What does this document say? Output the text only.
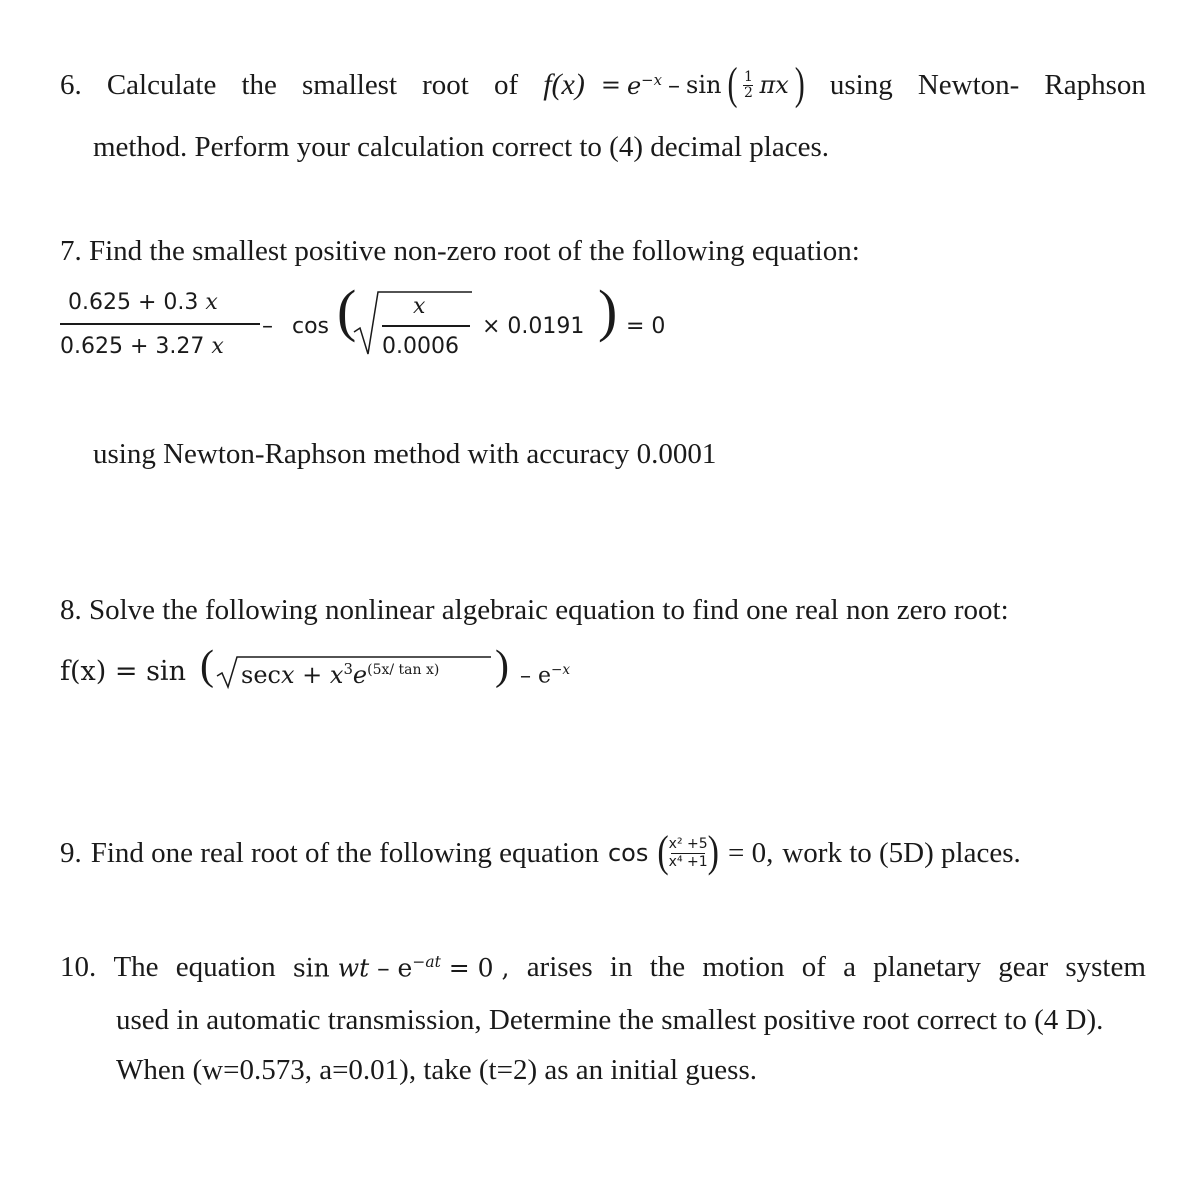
6. Calculate the smallest root of $f(x) = e^{-x} - \sin$ ( 1
2 πx ) using Newton- Raphson
method. Perform your calculation correct to (4) decimal places.
7. Find the smallest positive non-zero root of the following equation:
0.625 + 0.3 x
0.625 + 3.27 x
– cos (	x
0.0006
× 0.0191 ) = 0
using Newton-Raphson method with accuracy 0.0001
8. Solve the following nonlinear algebraic equation to find one real non zero root:
f(x) = sin ( $\sec x + x^3e^{(5x/ tan x)}$ ) – $e^{-x}$
9. Find one real root of the following equation cos ( x² +5
x⁴ +1 ) = 0, work to (5D) places.
10. The equation sin wt – $e^{-at} = 0$ , arises in the motion of a planetary gear system
used in automatic transmission, Determine the smallest positive root correct to (4 D).
When (w=0.573, a=0.01), take (t=2) as an initial guess.
